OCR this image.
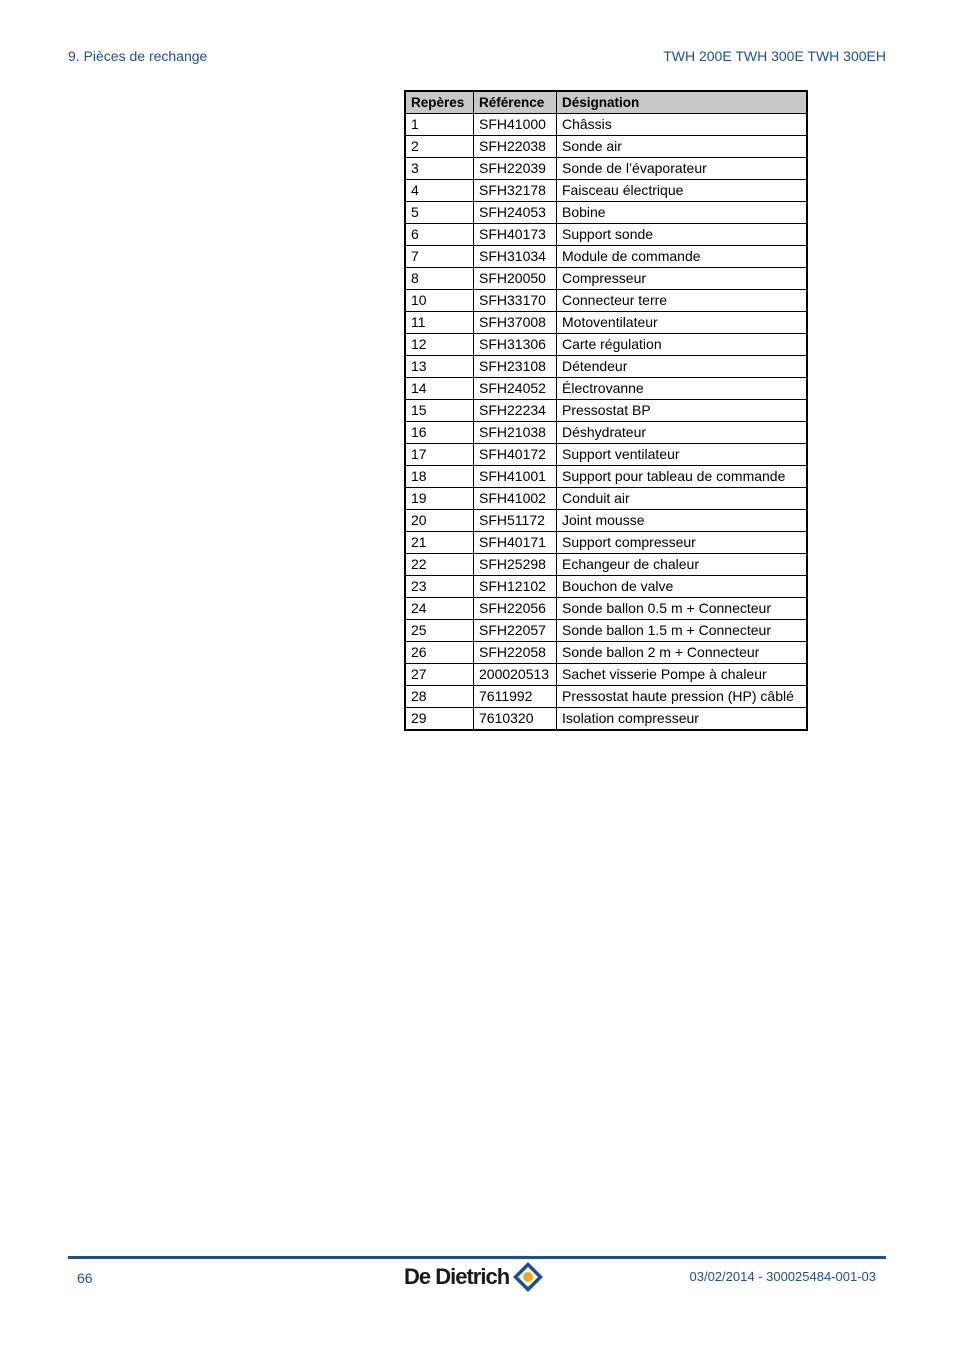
9. Pièces de rechange	TWH 200E TWH 300E TWH 300EH
Repères	Référence	Désignation
1	SFH41000	Châssis
2	SFH22038	Sonde air
3	SFH22039	Sonde de l’évaporateur
4	SFH32178	Faisceau électrique
5	SFH24053	Bobine
6	SFH40173	Support sonde
7	SFH31034	Module de commande
8	SFH20050	Compresseur
10	SFH33170	Connecteur terre
11	SFH37008	Motoventilateur
12	SFH31306	Carte régulation
13	SFH23108	Détendeur
14	SFH24052	Électrovanne
15	SFH22234	Pressostat BP
16	SFH21038	Déshydrateur
17	SFH40172	Support ventilateur
18	SFH41001	Support pour tableau de commande
19	SFH41002	Conduit air
20	SFH51172	Joint mousse
21	SFH40171	Support compresseur
22	SFH25298	Echangeur de chaleur
23	SFH12102	Bouchon de valve
24	SFH22056	Sonde ballon 0.5 m + Connecteur
25	SFH22057	Sonde ballon 1.5 m + Connecteur
26	SFH22058	Sonde ballon 2 m + Connecteur
27	200020513	Sachet visserie Pompe à chaleur
28	7611992	Pressostat haute pression (HP) câblé
29	7610320	Isolation compresseur
66	De Dietrich	03/02/2014 - 300025484-001-03
